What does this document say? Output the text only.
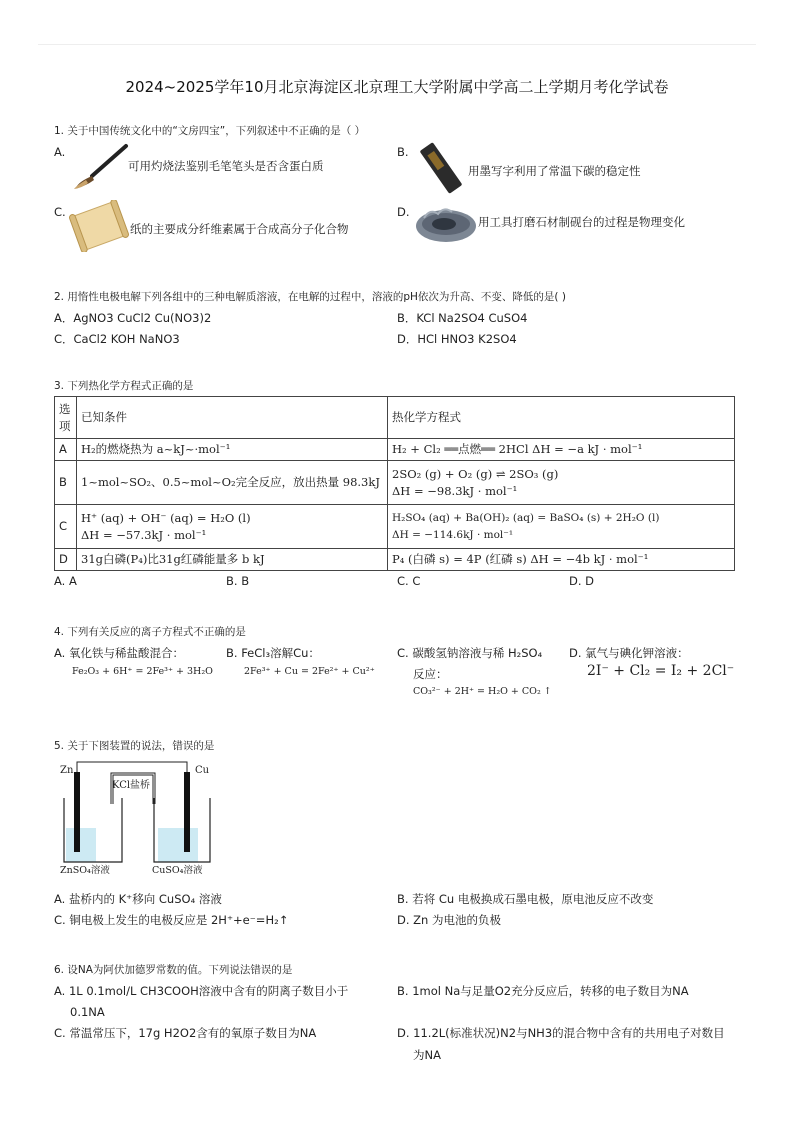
2024~2025学年10月北京海淀区北京理工大学附属中学高二上学期月考化学试卷
1. 关于中国传统文化中的“文房四宝”，下列叙述中不正确的是（ ）
A.
可用灼烧法鉴别毛笔笔头是否含蛋白质
B.
用墨写字利用了常温下碳的稳定性
C.
纸的主要成分纤维素属于合成高分子化合物
D.
用工具打磨石材制砚台的过程是物理变化
2. 用惰性电极电解下列各组中的三种电解质溶液，在电解的过程中，溶液的pH依次为升高、不变、降低的是( )
A．AgNO3 CuCl2 Cu(NO3)2	B．KCl Na2SO4 CuSO4
C．CaCl2 KOH NaNO3	D．HCl HNO3 K2SO4
3. 下列热化学方程式正确的是
选项	已知条件	热化学方程式
A	H₂的燃烧热为 a~kJ~·mol⁻¹	H₂ + Cl₂ ══点燃══ 2HCl ΔH = −a kJ · mol⁻¹
B	1~mol~SO₂、0.5~mol~O₂完全反应，放出热量 98.3kJ	2SO₂ (g) + O₂ (g) ⇌ 2SO₃ (g)
ΔH = −98.3kJ · mol⁻¹
C	H⁺ (aq) + OH⁻ (aq) = H₂O (l)
ΔH = −57.3kJ · mol⁻¹	H₂SO₄ (aq) + Ba(OH)₂ (aq) = BaSO₄ (s) + 2H₂O (l)
ΔH = −114.6kJ · mol⁻¹
D	31g白磷(P₄)比31g红磷能量多 b kJ	P₄ (白磷 s) = 4P (红磷 s) ΔH = −4b kJ · mol⁻¹
A. A	B. B	C. C	D. D
4. 下列有关反应的离子方程式不正确的是
A. 氧化铁与稀盐酸混合：
Fe₂O₃ + 6H⁺ = 2Fe³⁺ + 3H₂O
B. FeCl₃溶解Cu：
2Fe³⁺ + Cu = 2Fe²⁺ + Cu²⁺
C. 碳酸氢钠溶液与稀 H₂SO₄
反应：
CO₃²⁻ + 2H⁺ = H₂O + CO₂ ↑
D. 氯气与碘化钾溶液：
2I⁻ + Cl₂ = I₂ + 2Cl⁻
5. 关于下图装置的说法，错误的是
Zn	Cu
KCl盐桥
ZnSO₄溶液	CuSO₄溶液
A. 盐桥内的 K⁺移向 CuSO₄ 溶液	B. 若将 Cu 电极换成石墨电极，原电池反应不改变
C. 铜电极上发生的电极反应是 2H⁺+e⁻=H₂↑	D. Zn 为电池的负极
6. 设NA为阿伏加德罗常数的值。下列说法错误的是
A. 1L 0.1mol/L CH3COOH溶液中含有的阴离子数目小于
0.1NA
B. 1mol Na与足量O2充分反应后，转移的电子数目为NA
C. 常温常压下，17g H2O2含有的氧原子数目为NA	D. 11.2L(标准状况)N2与NH3的混合物中含有的共用电子对数目
为NA
